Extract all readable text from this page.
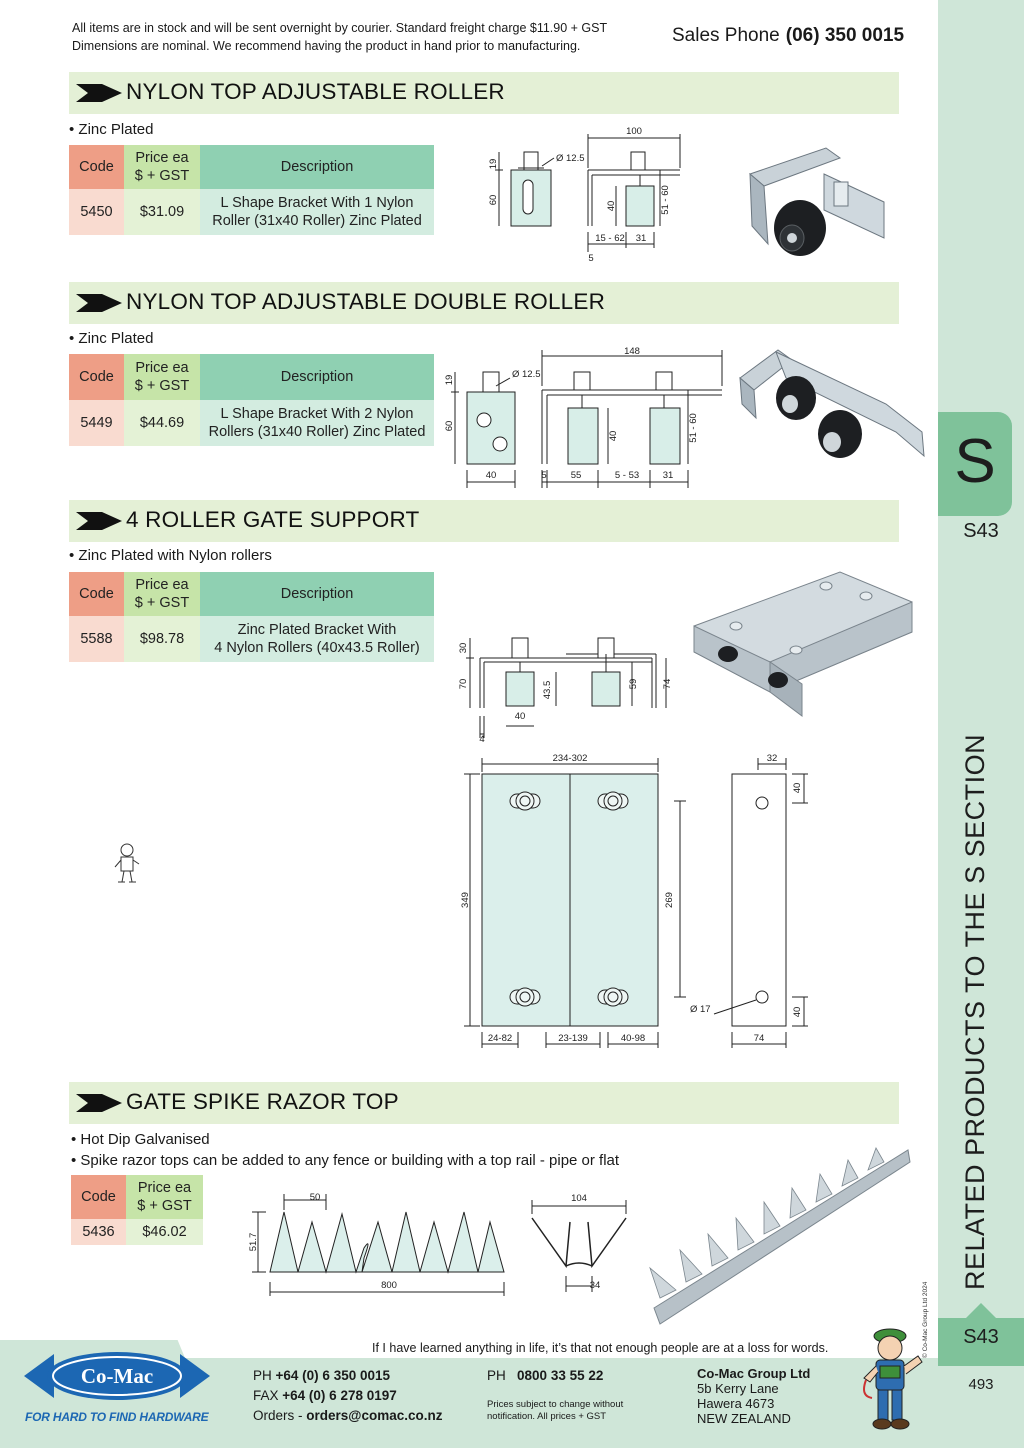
S
S43
RELATED PRODUCTS TO THE S SECTION
© Co-Mac Group Ltd 2024	S43
493
All items are in stock and will be sent overnight by courier. Standard freight charge $11.90 + GST
Dimensions are nominal. We recommend having the product in hand prior to manufacturing.	Sales Phone (06) 350 0015
NYLON TOP ADJUSTABLE ROLLER
• Zinc Plated
Code	Price ea
$ + GST	Description
5450	$31.09	L Shape Bracket With 1 Nylon
Roller (31x40 Roller) Zinc Plated
100
Ø 12.5
19
60
40	51 - 60
15 - 62 31
5
NYLON TOP ADJUSTABLE DOUBLE ROLLER
• Zinc Plated
Code	Price ea
$ + GST	Description
5449	$44.69	L Shape Bracket With 2 Nylon
Rollers (31x40 Roller) Zinc Plated
148
Ø 12.5
19
60
40	51 - 60
40	5	55	5 - 53 31
4 ROLLER GATE SUPPORT
• Zinc Plated with Nylon rollers
Code	Price ea
$ + GST	Description
5588	$98.78	Zinc Plated Bracket With
4 Nylon Rollers (40x43.5 Roller)	30
70	43.5	59 74
40
4
234-302
349	269
24-82	23-139	40-98
32
40
Ø 17	40
74
GATE SPIKE RAZOR TOP
• Hot Dip Galvanised
• Spike razor tops can be added to any fence or building with a top rail - pipe or flat
Code	Price ea
$ + GST
5436	$46.02
50
51.7
800
104
34
If I have learned anything in life, it’s that not enough people are at a loss for words.
Co-Mac
FOR HARD TO FIND HARDWARE
PH +64 (0) 6 350 0015
FAX +64 (0) 6 278 0197
Orders - orders@comac.co.nz
PH 0800 33 55 22
Prices subject to change without
notification. All prices + GST
Co-Mac Group Ltd
5b Kerry Lane
Hawera 4673
NEW ZEALAND
